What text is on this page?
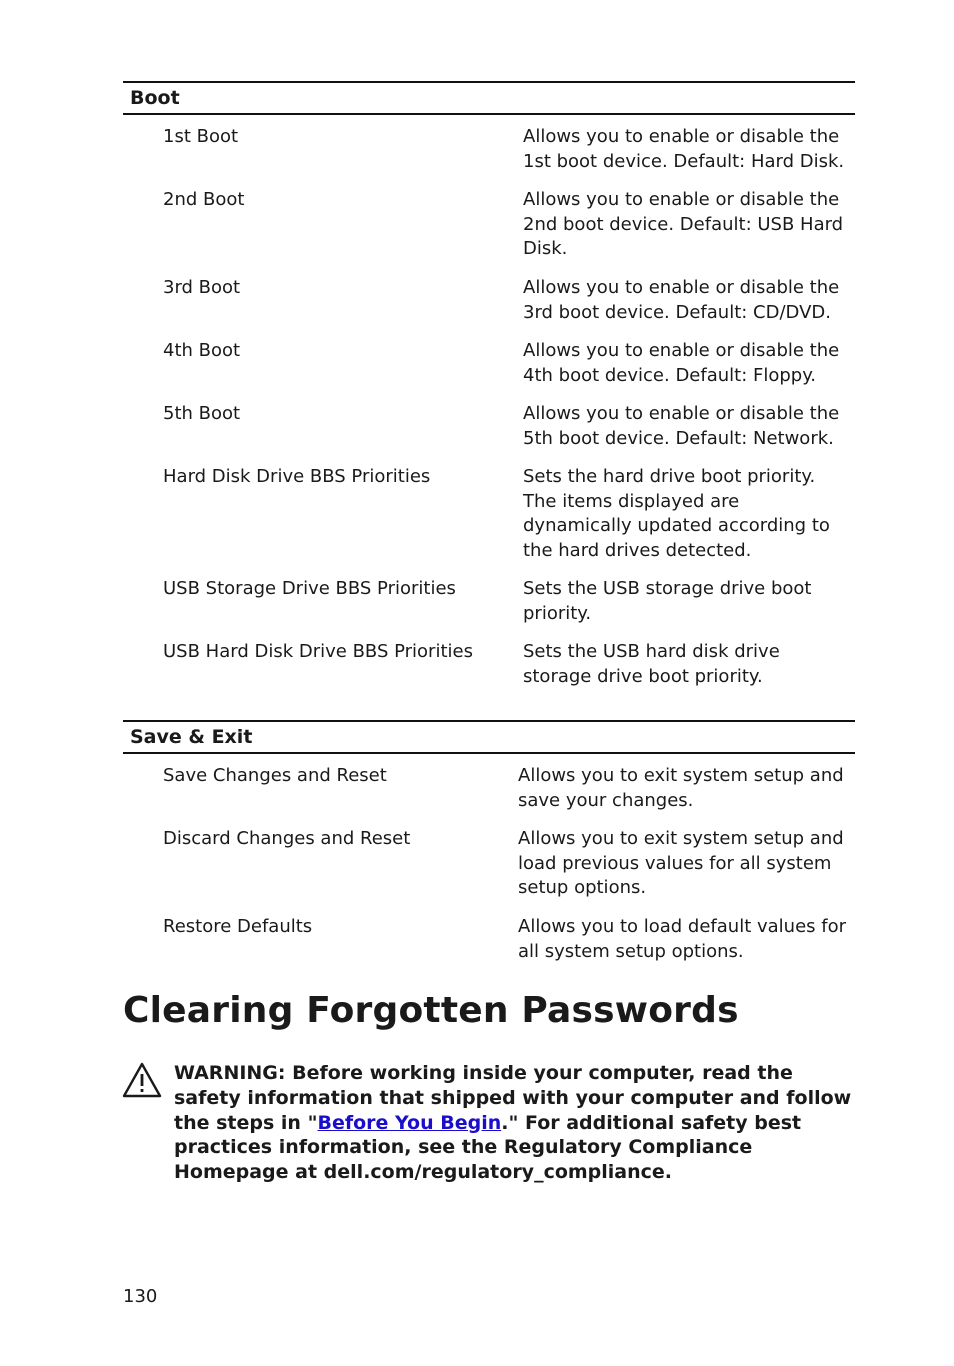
Boot
1st Boot	Allows you to enable or disable the 1st boot device. Default: Hard Disk.
2nd Boot	Allows you to enable or disable the 2nd boot device. Default: USB Hard Disk.
3rd Boot	Allows you to enable or disable the 3rd boot device. Default: CD/DVD.
4th Boot	Allows you to enable or disable the 4th boot device. Default: Floppy.
5th Boot	Allows you to enable or disable the 5th boot device. Default: Network.
Hard Disk Drive BBS Priorities	Sets the hard drive boot priority. The items displayed are dynamically updated according to the hard drives detected.
USB Storage Drive BBS Priorities	Sets the USB storage drive boot priority.
USB Hard Disk Drive BBS Priorities	Sets the USB hard disk drive storage drive boot priority.
Save & Exit
Save Changes and Reset	Allows you to exit system setup and save your changes.
Discard Changes and Reset	Allows you to exit system setup and load previous values for all system setup options.
Restore Defaults	Allows you to load default values for all system setup options.
Clearing Forgotten Passwords
WARNING: Before working inside your computer, read the safety information that shipped with your computer and follow the steps in "Before You Begin." For additional safety best practices information, see the Regulatory Compliance Homepage at dell.com/regulatory_compliance.
130
